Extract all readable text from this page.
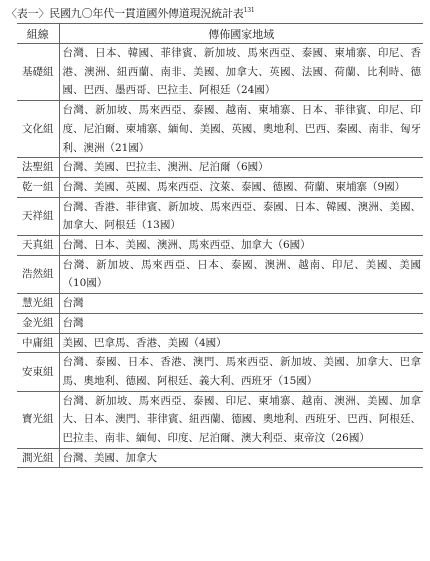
〈表一〉民國九〇年代一貫道國外傳道現況統計表$^{131}$
組線	傳佈國家地域
基礎組	台灣、日本、韓國、菲律賓、新加坡、馬來西亞、泰國、柬埔寨、印尼、香港、澳洲、紐西蘭、南非、美國、加拿大、英國、法國、荷蘭、比利時、德國、巴西、墨西哥、巴拉圭、阿根廷（24國）
文化組	台灣、新加坡、馬來西亞、泰國、越南、柬埔寨、日本、菲律賓、印尼、印度、尼泊爾、柬埔寨、緬甸、美國、英國、奧地利、巴西、秦國、南非、匈牙利、澳洲（21國）
法聖組	台灣、美國、巴拉圭、澳洲、尼泊爾（6國）
乾一組	台灣、美國、英國、馬來西亞、汶萊、泰國、德國、荷蘭、柬埔寨（9國）
天祥組	台灣、香港、菲律賓、新加坡、馬來西亞、泰國、日本、韓國、澳洲、美國、加拿大、阿根廷（13國）
天真組	台灣、日本、美國、澳洲、馬來西亞、加拿大（6國）
浩然組	台灣、新加坡、馬來西亞、日本、泰國、澳洲、越南、印尼、美國、美國（10國）
慧光組	台灣
金光組	台灣
中庸組	美國、巴拿馬、香港、美國（4國）
安東組	台灣、泰國、日本、香港、澳門、馬來西亞、新加坡、美國、加拿大、巴拿馬、奧地利、德國、阿根廷、義大利、西班牙（15國）
寶光組	台灣、新加坡、馬來西亞、泰國、印尼、柬埔寨、越南、澳洲、美國、加拿大、日本、澳門、菲律賓、紐西蘭、德國、奧地利、西班牙、巴西、阿根廷、巴拉圭、南非、緬甸、印度、尼泊爾、澳大利亞、東帝汶（26國）
澗光組	台灣、美國、加拿大
